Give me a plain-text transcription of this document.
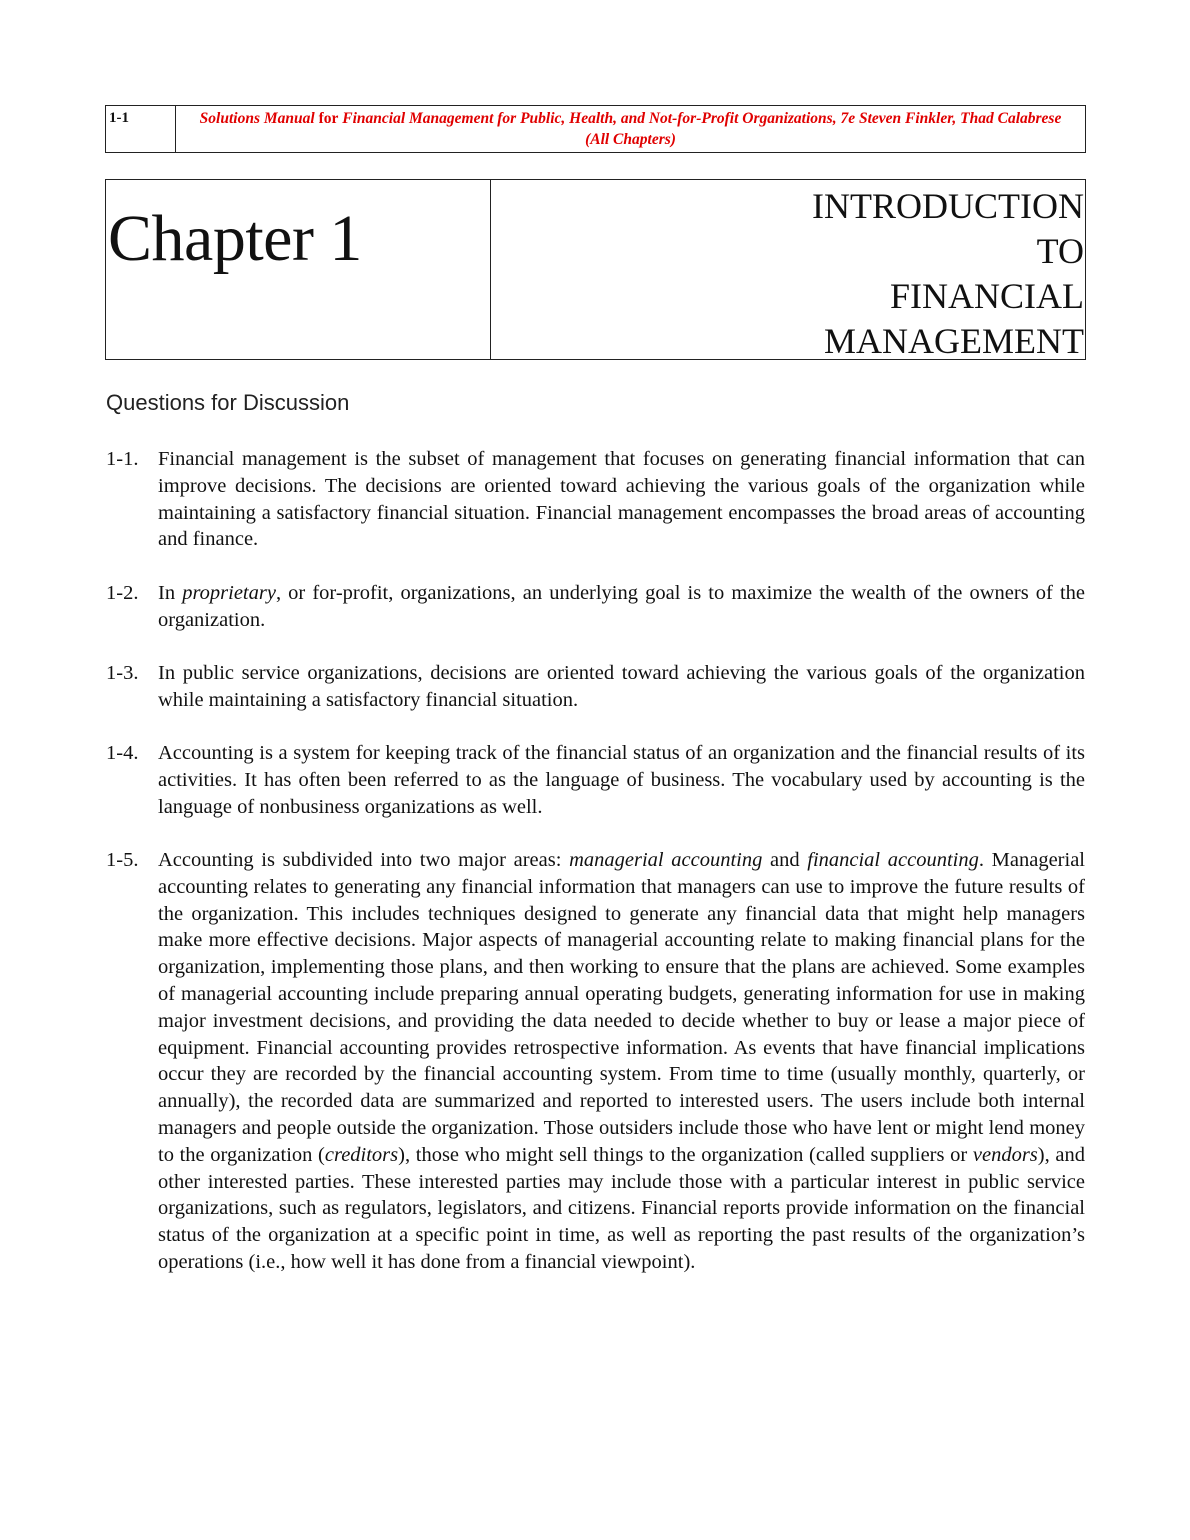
1-1	Solutions Manual for Financial Management for Public, Health, and Not-for-Profit Organizations, 7e Steven Finkler, Thad Calabrese (All Chapters)
Chapter 1	INTRODUCTION
TO
FINANCIAL
MANAGEMENT
Questions for Discussion
1-1. Financial management is the subset of management that focuses on generating financial information that can improve decisions. The decisions are oriented toward achieving the various goals of the organization while maintaining a satisfactory financial situation. Financial management encompasses the broad areas of accounting and finance.
1-2. In proprietary, or for-profit, organizations, an underlying goal is to maximize the wealth of the owners of the organization.
1-3. In public service organizations, decisions are oriented toward achieving the various goals of the organization while maintaining a satisfactory financial situation.
1-4. Accounting is a system for keeping track of the financial status of an organization and the financial results of its activities. It has often been referred to as the language of business. The vocabulary used by accounting is the language of nonbusiness organizations as well.
1-5. Accounting is subdivided into two major areas: managerial accounting and financial accounting. Managerial accounting relates to generating any financial information that managers can use to improve the future results of the organization. This includes techniques designed to generate any financial data that might help managers make more effective decisions. Major aspects of managerial accounting relate to making financial plans for the organization, implementing those plans, and then working to ensure that the plans are achieved. Some examples of managerial accounting include preparing annual operating budgets, generating information for use in making major investment decisions, and providing the data needed to decide whether to buy or lease a major piece of equipment. Financial accounting provides retrospective information. As events that have financial implications occur they are recorded by the financial accounting system. From time to time (usually monthly, quarterly, or annually), the recorded data are summarized and reported to interested users. The users include both internal managers and people outside the organization. Those outsiders include those who have lent or might lend money to the organization (creditors), those who might sell things to the organization (called suppliers or vendors), and other interested parties. These interested parties may include those with a particular interest in public service organizations, such as regulators, legislators, and citizens. Financial reports provide information on the financial status of the organization at a specific point in time, as well as reporting the past results of the organization’s operations (i.e., how well it has done from a financial viewpoint).
